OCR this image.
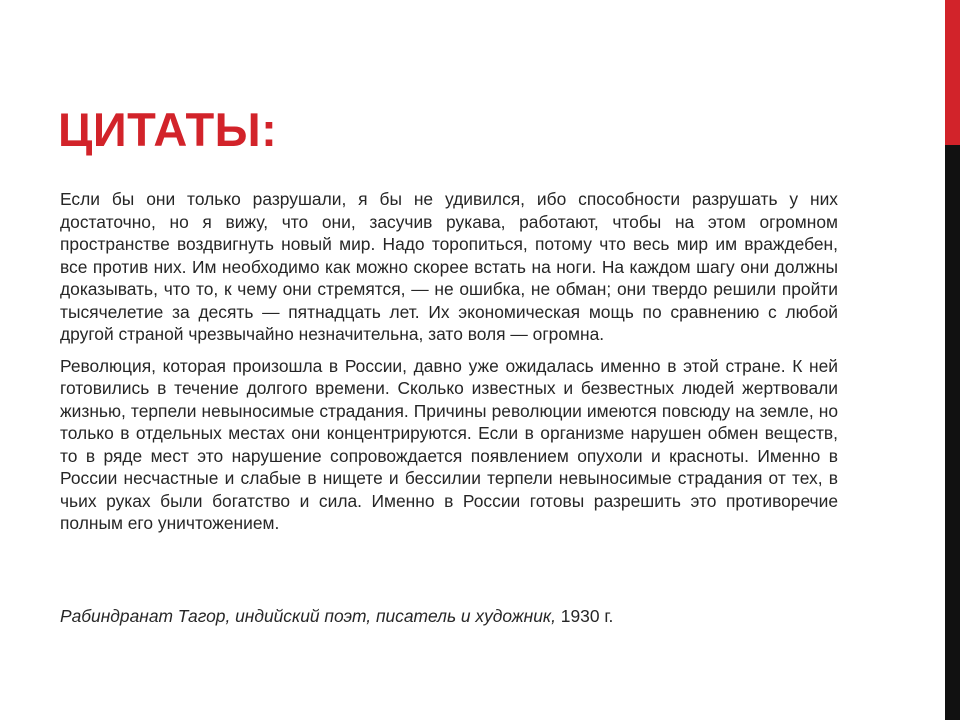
ЦИТАТЫ:

Если бы они только разрушали, я бы не удивился, ибо способности разрушать у них достаточно, но я вижу, что они, засучив рукава, работают, чтобы на этом огромном пространстве воздвигнуть новый мир. Надо торопиться, потому что весь мир им враждебен, все против них. Им необходимо как можно скорее встать на ноги. На каждом шагу они должны доказывать, что то, к чему они стремятся, — не ошибка, не обман; они твердо решили пройти тысячелетие за десять — пятнадцать лет. Их экономическая мощь по сравнению с любой другой страной чрезвычайно незначительна, зато воля — огромна.

Революция, которая произошла в России, давно уже ожидалась именно в этой стране. К ней готовились в течение долгого времени. Сколько известных и безвестных людей жертвовали жизнью, терпели невыносимые страдания. Причины революции имеются повсюду на земле, но только в отдельных местах они концентрируются. Если в организме нарушен обмен веществ, то в ряде мест это нарушение сопровождается появлением опухоли и красноты. Именно в России несчастные и слабые в нищете и бессилии терпели невыносимые страдания от тех, в чьих руках были богатство и сила. Именно в России готовы разрешить это противоречие полным его уничтожением.

Рабиндранат Тагор, индийский поэт, писатель и художник, 1930 г.
